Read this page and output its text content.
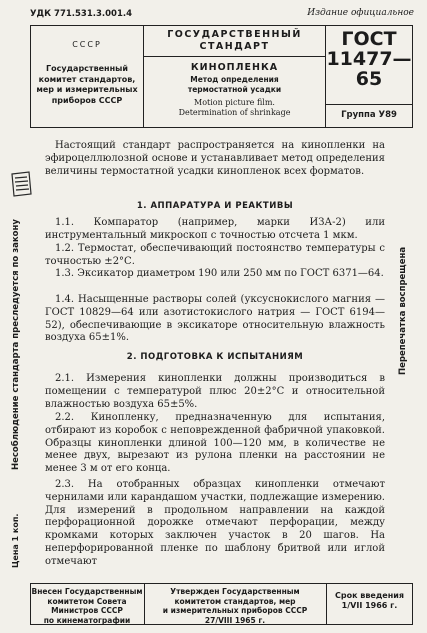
УДК 771.531.3.001.4	Издание официальное
СССР
Государственный
комитет стандартов,
мер и измерительных
приборов СССР
ГОСУДАРСТВЕННЫЙ
СТАНДАРТ
КИНОПЛЕНКА
Метод определения
термостатной усадки
Motion picture film.
Determination of shrinkage
ГОСТ
11477—65
Группа У89
Настоящий стандарт распространяется на кинопленки на эфироцеллюлозной основе и устанавливает метод определения величины термостатной усадки кинопленок всех форматов.
1. АППАРАТУРА И РЕАКТИВЫ
1.1. Компаратор (например, марки ИЗА-2) или инструментальный микроскоп с точностью отсчета 1 мкм.
1.2. Термостат, обеспечивающий постоянство температуры с точностью ±2°С.
1.3. Эксикатор диаметром 190 или 250 мм по ГОСТ 6371—64.
1.4. Насыщенные растворы солей (уксуснокислого магния — ГОСТ 10829—64 или азотистокислого натрия — ГОСТ 6194—52), обеспечивающие в эксикаторе относительную влажность воздуха 65±1%.
2. ПОДГОТОВКА К ИСПЫТАНИЯМ
2.1. Измерения кинопленки должны производиться в помещении с температурой плюс 20±2°С и относительной влажностью воздуха 65±5%.
2.2. Кинопленку, предназначенную для испытания, отбирают из коробок с неповрежденной фабричной упаковкой. Образцы кинопленки длиной 100—120 мм, в количестве не менее двух, вырезают из рулона пленки на расстоянии не менее 3 м от его конца.
2.3. На отобранных образцах кинопленки отмечают чернилами или карандашом участки, подлежащие измерению. Для измерений в продольном направлении на каждой перфорационной дорожке отмечают перфорации, между кромками которых заключен участок в 20 шагов. На неперфорированной пленке по шаблону бритвой или иглой отмечают
Несоблюдение стандарта преследуется по закону
Цена 1 коп.
Перепечатка воспрещена
Внесен Государственным
комитетом Совета
Министров СССР
по кинематографии
Утвержден Государственным
комитетом стандартов, мер
и измерительных приборов СССР
27/VIII 1965 г.
Срок введения
1/VII 1966 г.
